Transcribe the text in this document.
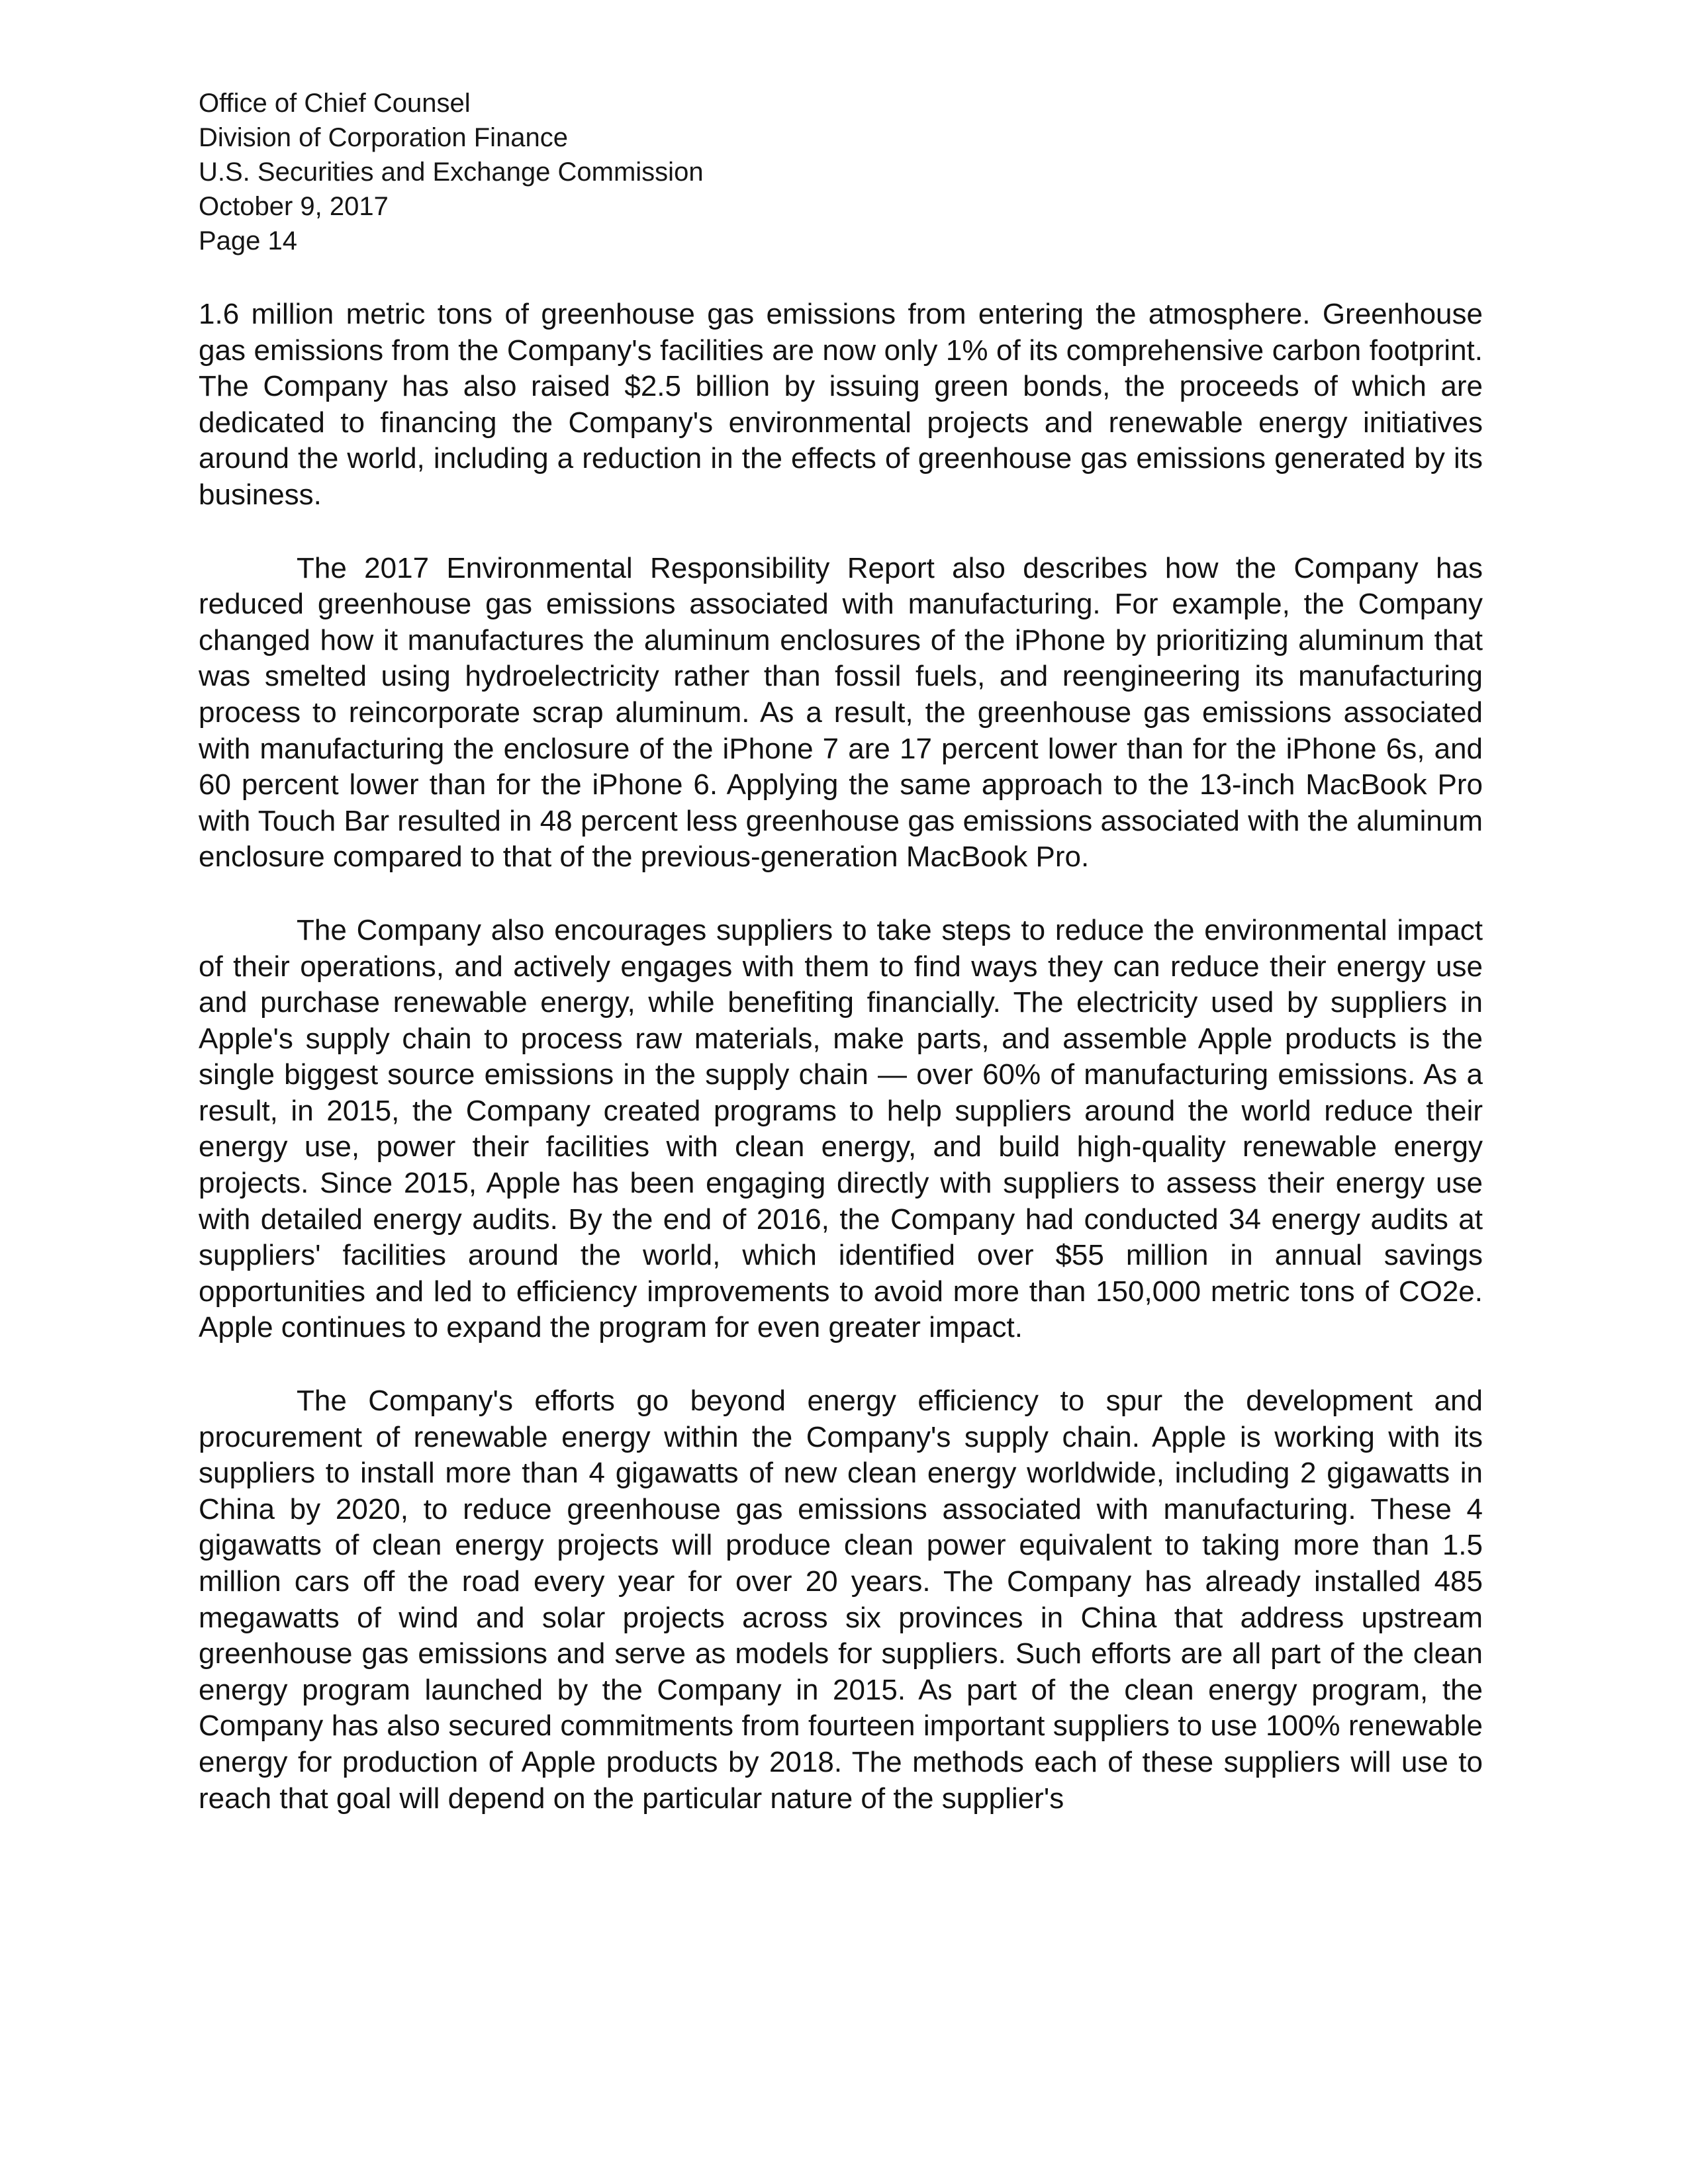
Office of Chief Counsel
Division of Corporation Finance
U.S. Securities and Exchange Commission
October 9, 2017
Page 14

1.6 million metric tons of greenhouse gas emissions from entering the atmosphere. Greenhouse gas emissions from the Company's facilities are now only 1% of its comprehensive carbon footprint. The Company has also raised $2.5 billion by issuing green bonds, the proceeds of which are dedicated to financing the Company's environmental projects and renewable energy initiatives around the world, including a reduction in the effects of greenhouse gas emissions generated by its business.

The 2017 Environmental Responsibility Report also describes how the Company has reduced greenhouse gas emissions associated with manufacturing. For example, the Company changed how it manufactures the aluminum enclosures of the iPhone by prioritizing aluminum that was smelted using hydroelectricity rather than fossil fuels, and reengineering its manufacturing process to reincorporate scrap aluminum. As a result, the greenhouse gas emissions associated with manufacturing the enclosure of the iPhone 7 are 17 percent lower than for the iPhone 6s, and 60 percent lower than for the iPhone 6. Applying the same approach to the 13-inch MacBook Pro with Touch Bar resulted in 48 percent less greenhouse gas emissions associated with the aluminum enclosure compared to that of the previous-generation MacBook Pro.

The Company also encourages suppliers to take steps to reduce the environmental impact of their operations, and actively engages with them to find ways they can reduce their energy use and purchase renewable energy, while benefiting financially. The electricity used by suppliers in Apple's supply chain to process raw materials, make parts, and assemble Apple products is the single biggest source emissions in the supply chain — over 60% of manufacturing emissions. As a result, in 2015, the Company created programs to help suppliers around the world reduce their energy use, power their facilities with clean energy, and build high-quality renewable energy projects. Since 2015, Apple has been engaging directly with suppliers to assess their energy use with detailed energy audits. By the end of 2016, the Company had conducted 34 energy audits at suppliers' facilities around the world, which identified over $55 million in annual savings opportunities and led to efficiency improvements to avoid more than 150,000 metric tons of CO2e. Apple continues to expand the program for even greater impact.

The Company's efforts go beyond energy efficiency to spur the development and procurement of renewable energy within the Company's supply chain. Apple is working with its suppliers to install more than 4 gigawatts of new clean energy worldwide, including 2 gigawatts in China by 2020, to reduce greenhouse gas emissions associated with manufacturing. These 4 gigawatts of clean energy projects will produce clean power equivalent to taking more than 1.5 million cars off the road every year for over 20 years. The Company has already installed 485 megawatts of wind and solar projects across six provinces in China that address upstream greenhouse gas emissions and serve as models for suppliers. Such efforts are all part of the clean energy program launched by the Company in 2015. As part of the clean energy program, the Company has also secured commitments from fourteen important suppliers to use 100% renewable energy for production of Apple products by 2018. The methods each of these suppliers will use to reach that goal will depend on the particular nature of the supplier's
